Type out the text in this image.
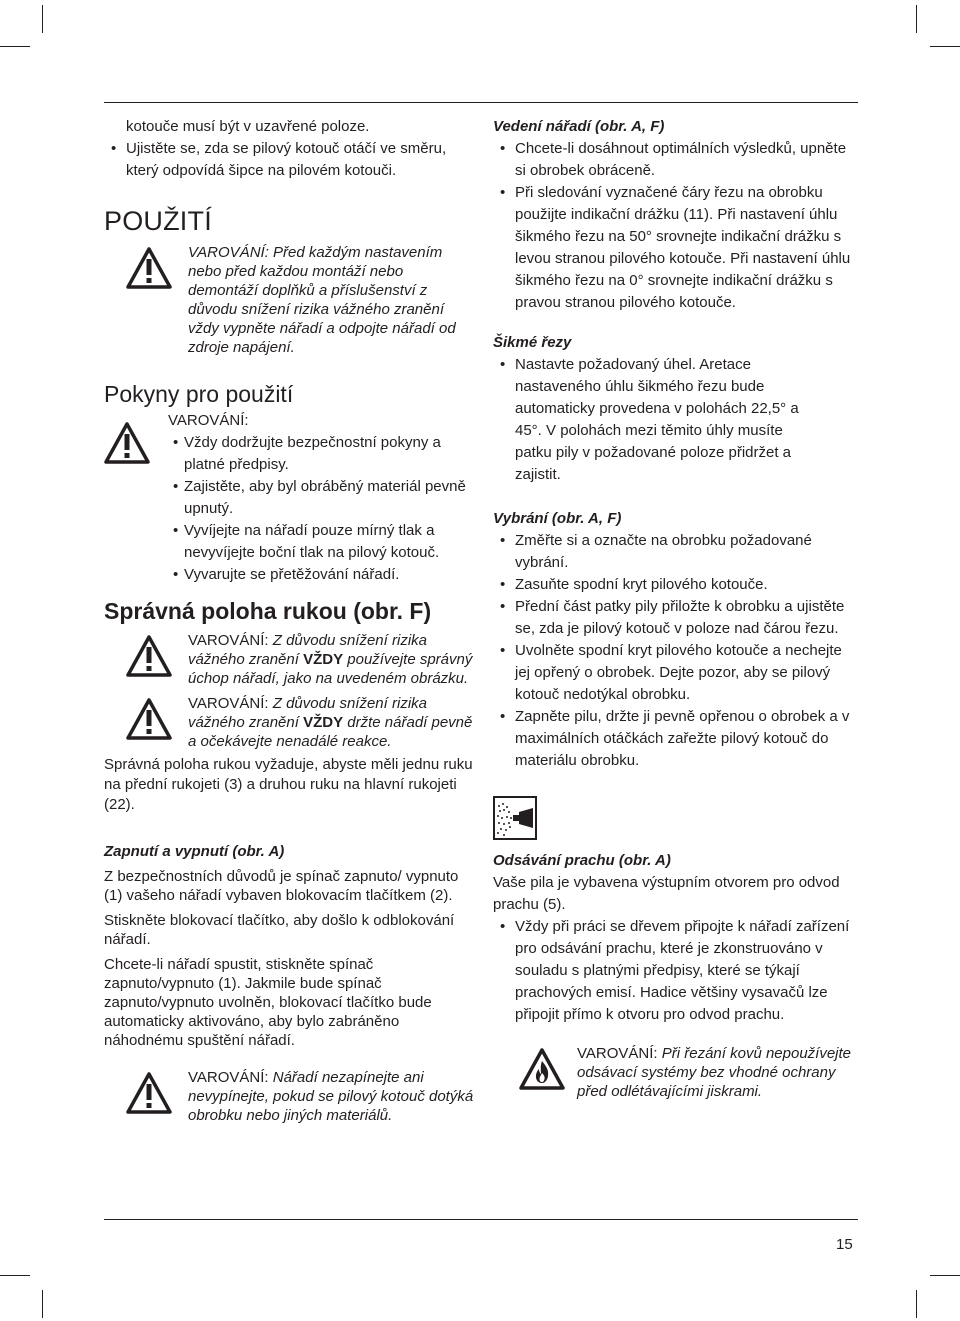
kotouče musí být v uzavřené poloze.

• Ujistěte se, zda se pilový kotouč otáčí ve směru, který odpovídá šipce na pilovém kotouči.

POUŽITÍ

VAROVÁNÍ: Před každým nastavením nebo před každou montáží nebo demontáží doplňků a příslušenství z důvodu snížení rizika vážného zranění vždy vypněte nářadí a odpojte nářadí od zdroje napájení.

Pokyny pro použití

VAROVÁNÍ:

• Vždy dodržujte bezpečnostní pokyny a platné předpisy.

• Zajistěte, aby byl obráběný materiál pevně upnutý.

• Vyvíjejte na nářadí pouze mírný tlak a nevyvíjejte boční tlak na pilový kotouč.

• Vyvarujte se přetěžování nářadí.

Správná poloha rukou (obr. F)

VAROVÁNÍ: Z důvodu snížení rizika vážného zranění VŽDY používejte správný úchop nářadí, jako na uvedeném obrázku.

VAROVÁNÍ: Z důvodu snížení rizika vážného zranění VŽDY držte nářadí pevně a očekávejte nenadálé reakce.

Správná poloha rukou vyžaduje, abyste měli jednu ruku na přední rukojeti (3) a druhou ruku na hlavní rukojeti (22).

Zapnutí a vypnutí (obr. A)

Z bezpečnostních důvodů je spínač zapnuto/ vypnuto (1) vašeho nářadí vybaven blokovacím tlačítkem (2).

Stiskněte blokovací tlačítko, aby došlo k odblokování nářadí.

Chcete-li nářadí spustit, stiskněte spínač zapnuto/vypnuto (1). Jakmile bude spínač zapnuto/vypnuto uvolněn, blokovací tlačítko bude automaticky aktivováno, aby bylo zabráněno náhodnému spuštění nářadí.

VAROVÁNÍ: Nářadí nezapínejte ani nevypínejte, pokud se pilový kotouč dotýká obrobku nebo jiných materiálů.

Vedení nářadí (obr. A, F)

• Chcete-li dosáhnout optimálních výsledků, upněte si obrobek obráceně.

• Při sledování vyznačené čáry řezu na obrobku použijte indikační drážku (11). Při nastavení úhlu šikmého řezu na 50° srovnejte indikační drážku s levou stranou pilového kotouče. Při nastavení úhlu šikmého řezu na 0° srovnejte indikační drážku s pravou stranou pilového kotouče.

Šikmé řezy

• Nastavte požadovaný úhel. Aretace nastaveného úhlu šikmého řezu bude automaticky provedena v polohách 22,5° a 45°. V polohách mezi těmito úhly musíte patku pily v požadované poloze přidržet a zajistit.

Vybrání (obr. A, F)

• Změřte si a označte na obrobku požadované vybrání.

• Zasuňte spodní kryt pilového kotouče.

• Přední část patky pily přiložte k obrobku a ujistěte se, zda je pilový kotouč v poloze nad čárou řezu.

• Uvolněte spodní kryt pilového kotouče a nechejte jej opřený o obrobek. Dejte pozor, aby se pilový kotouč nedotýkal obrobku.

• Zapněte pilu, držte ji pevně opřenou o obrobek a v maximálních otáčkách zařežte pilový kotouč do materiálu obrobku.

Odsávání prachu (obr. A)

Vaše pila je vybavena výstupním otvorem pro odvod prachu (5).

• Vždy při práci se dřevem připojte k nářadí zařízení pro odsávání prachu, které je zkonstruováno v souladu s platnými předpisy, které se týkají prachových emisí. Hadice většiny vysavačů lze připojit přímo k otvoru pro odvod prachu.

VAROVÁNÍ: Při řezání kovů nepoužívejte odsávací systémy bez vhodné ochrany před odlétávajícími jiskrami.

15
